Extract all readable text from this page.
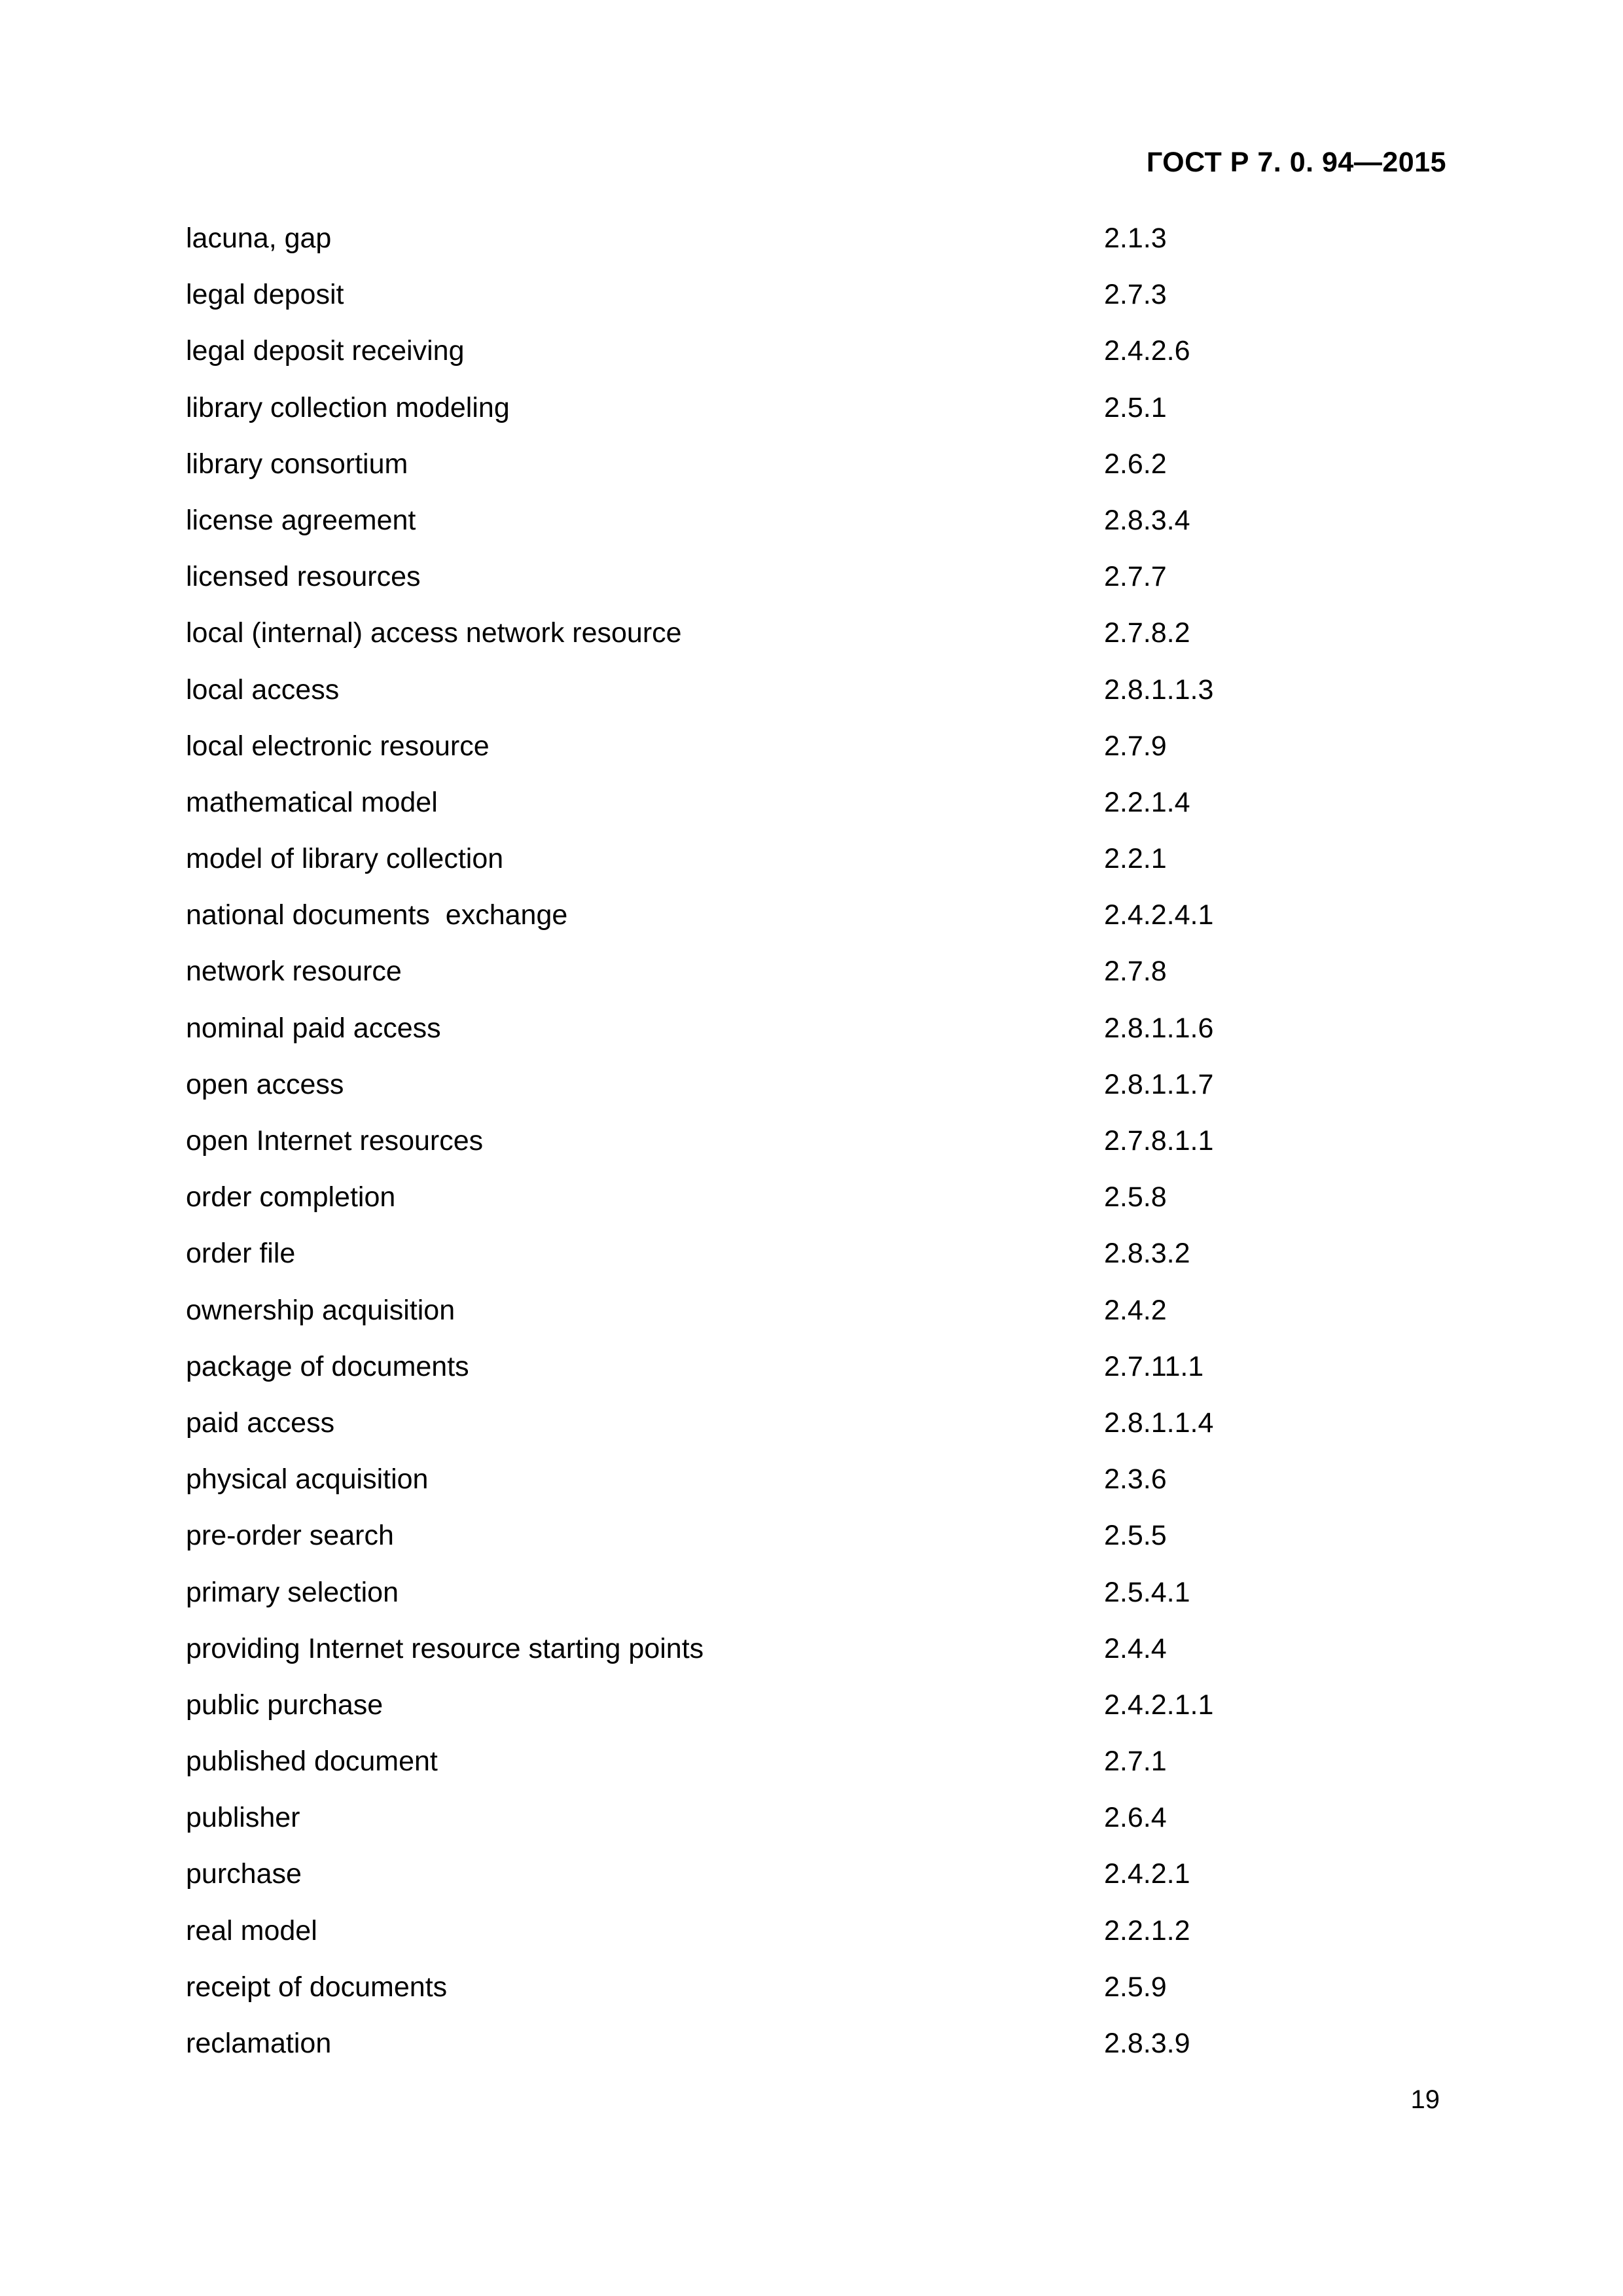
ГОСТ Р 7. 0. 94—2015
lacuna, gap	2.1.3
legal deposit	2.7.3
legal deposit receiving	2.4.2.6
library collection modeling	2.5.1
library consortium	2.6.2
license agreement	2.8.3.4
licensed resources	2.7.7
local (internal) access network resource	2.7.8.2
local access	2.8.1.1.3
local electronic resource	2.7.9
mathematical model	2.2.1.4
model of library collection	2.2.1
national documents  exchange	2.4.2.4.1
network resource	2.7.8
nominal paid access	2.8.1.1.6
open access	2.8.1.1.7
open Internet resources	2.7.8.1.1
order completion	2.5.8
order file	2.8.3.2
ownership acquisition	2.4.2
package of documents	2.7.11.1
paid access	2.8.1.1.4
physical acquisition	2.3.6
pre-order search	2.5.5
primary selection	2.5.4.1
providing Internet resource starting points	2.4.4
public purchase	2.4.2.1.1
published document	2.7.1
publisher	2.6.4
purchase	2.4.2.1
real model	2.2.1.2
receipt of documents	2.5.9
reclamation	2.8.3.9
19
